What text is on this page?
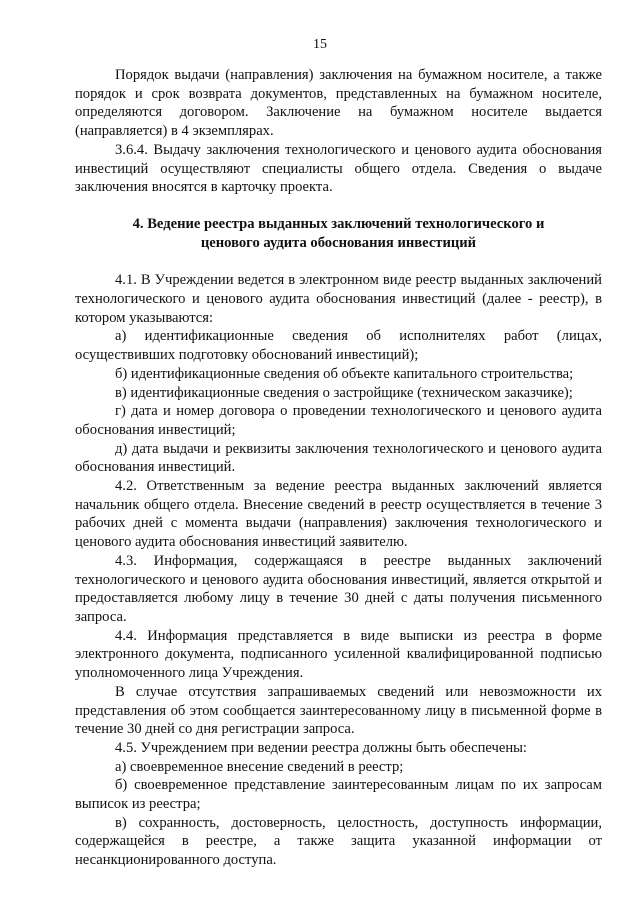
15

Порядок выдачи (направления) заключения на бумажном носителе, а также порядок и срок возврата документов, представленных на бумажном носителе, определяются договором. Заключение на бумажном носителе выдается (направляется) в 4 экземплярах.

3.6.4. Выдачу заключения технологического и ценового аудита обоснования инвестиций осуществляют специалисты общего отдела. Сведения о выдаче заключения вносятся в карточку проекта.

4. Ведение реестра выданных заключений технологического и ценового аудита обоснования инвестиций

4.1. В Учреждении ведется в электронном виде реестр выданных заключений технологического и ценового аудита обоснования инвестиций (далее - реестр), в котором указываются:

а) идентификационные сведения об исполнителях работ (лицах, осуществивших подготовку обоснований инвестиций);

б) идентификационные сведения об объекте капитального строительства;

в) идентификационные сведения о застройщике (техническом заказчике);

г) дата и номер договора о проведении технологического и ценового аудита обоснования инвестиций;

д) дата выдачи и реквизиты заключения технологического и ценового аудита обоснования инвестиций.

4.2. Ответственным за ведение реестра выданных заключений является начальник общего отдела. Внесение сведений в реестр осуществляется в течение 3 рабочих дней с момента выдачи (направления) заключения технологического и ценового аудита обоснования инвестиций заявителю.

4.3. Информация, содержащаяся в реестре выданных заключений технологического и ценового аудита обоснования инвестиций, является открытой и предоставляется любому лицу в течение 30 дней с даты получения письменного запроса.

4.4. Информация представляется в виде выписки из реестра в форме электронного документа, подписанного усиленной квалифицированной подписью уполномоченного лица Учреждения.

В случае отсутствия запрашиваемых сведений или невозможности их представления об этом сообщается заинтересованному лицу в письменной форме в течение 30 дней со дня регистрации запроса.

4.5. Учреждением при ведении реестра должны быть обеспечены:

а) своевременное внесение сведений в реестр;

б) своевременное представление заинтересованным лицам по их запросам выписок из реестра;

в) сохранность, достоверность, целостность, доступность информации, содержащейся в реестре, а также защита указанной информации от несанкционированного доступа.
